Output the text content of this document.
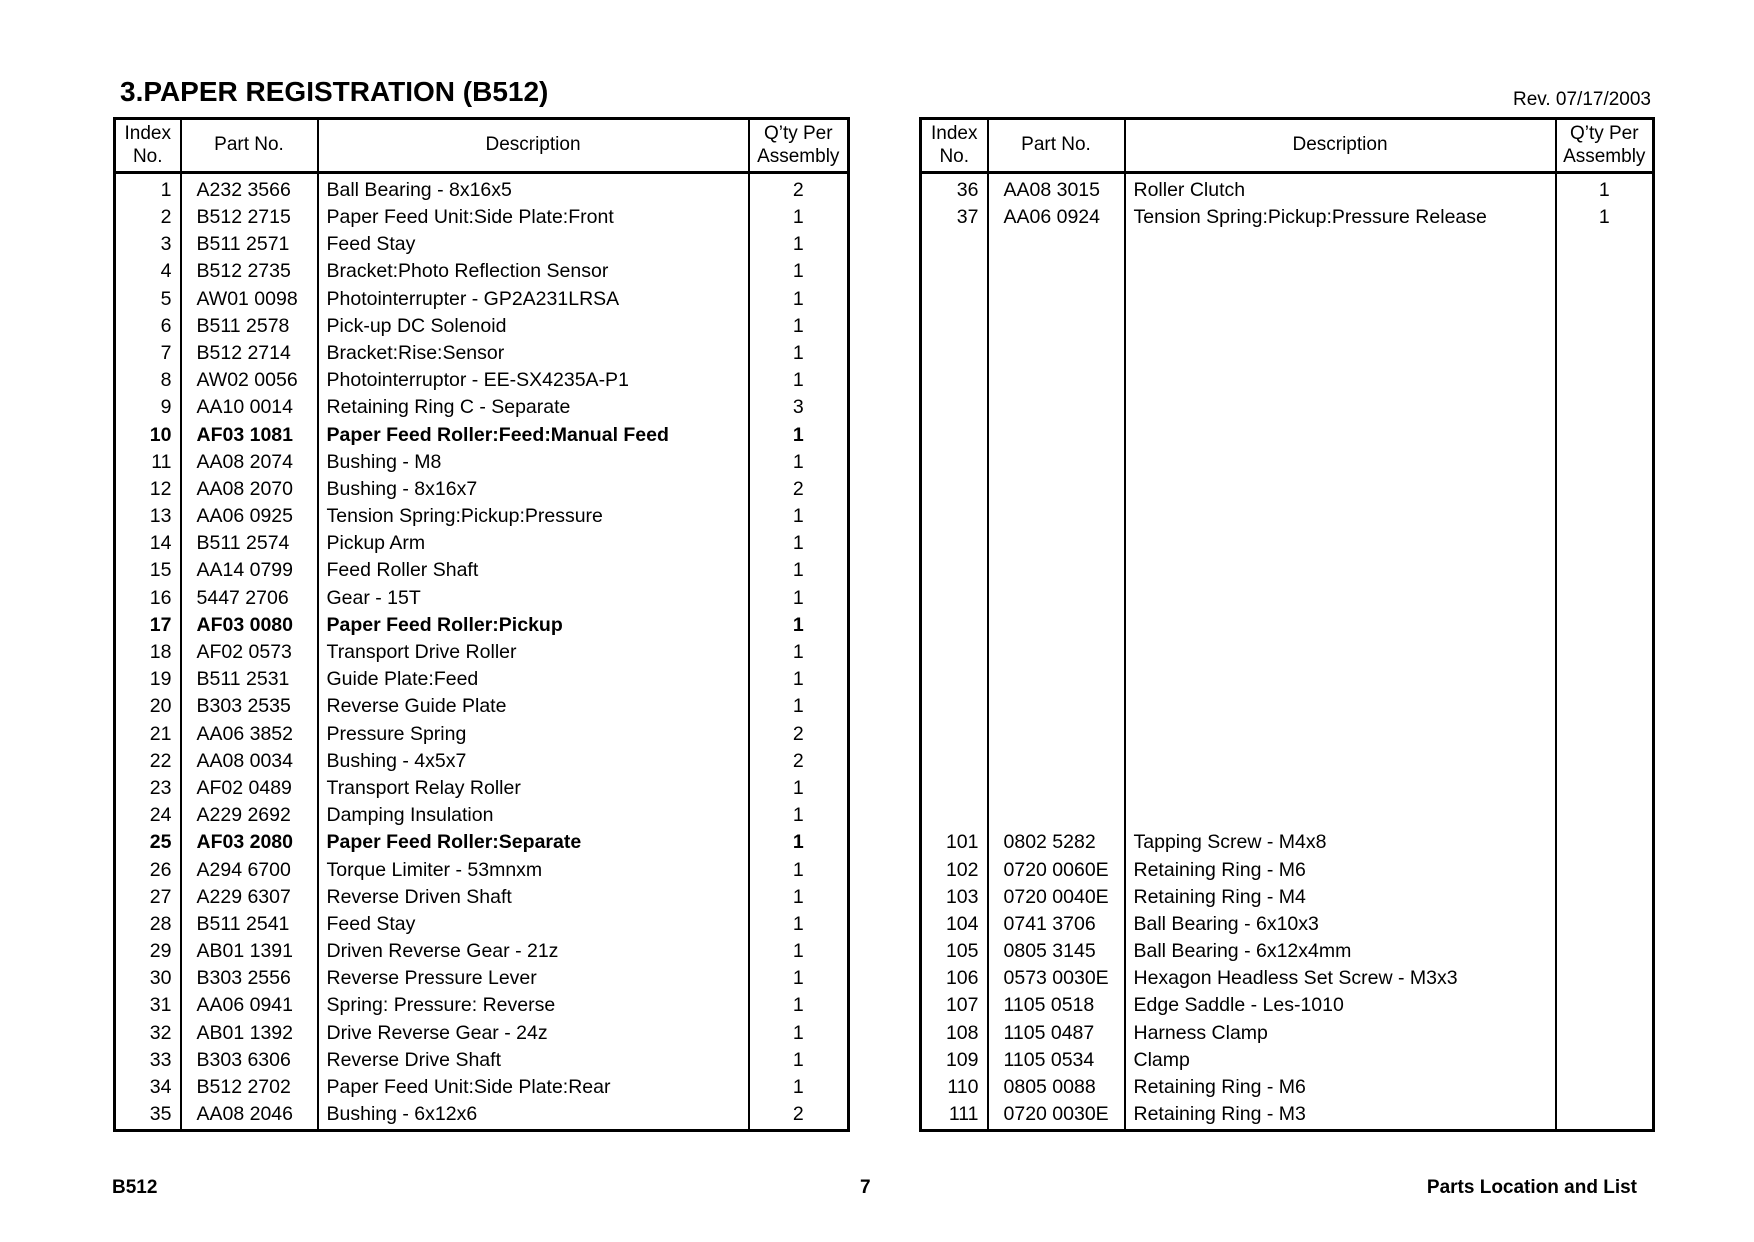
3.PAPER REGISTRATION (B512)	Rev. 07/17/2003
Index
No.	Part No.	Description	Q’ty Per
Assembly
1	A232 3566	Ball Bearing - 8x16x5	2
2	B512 2715	Paper Feed Unit:Side Plate:Front	1
3	B511 2571	Feed Stay	1
4	B512 2735	Bracket:Photo Reflection Sensor	1
5	AW01 0098	Photointerrupter - GP2A231LRSA	1
6	B511 2578	Pick-up DC Solenoid	1
7	B512 2714	Bracket:Rise:Sensor	1
8	AW02 0056	Photointerruptor - EE-SX4235A-P1	1
9	AA10 0014	Retaining Ring C - Separate	3
10	AF03 1081	Paper Feed Roller:Feed:Manual Feed	1
11	AA08 2074	Bushing - M8	1
12	AA08 2070	Bushing - 8x16x7	2
13	AA06 0925	Tension Spring:Pickup:Pressure	1
14	B511 2574	Pickup Arm	1
15	AA14 0799	Feed Roller Shaft	1
16	5447 2706	Gear - 15T	1
17	AF03 0080	Paper Feed Roller:Pickup	1
18	AF02 0573	Transport Drive Roller	1
19	B511 2531	Guide Plate:Feed	1
20	B303 2535	Reverse Guide Plate	1
21	AA06 3852	Pressure Spring	2
22	AA08 0034	Bushing - 4x5x7	2
23	AF02 0489	Transport Relay Roller	1
24	A229 2692	Damping Insulation	1
25	AF03 2080	Paper Feed Roller:Separate	1
26	A294 6700	Torque Limiter - 53mnxm	1
27	A229 6307	Reverse Driven Shaft	1
28	B511 2541	Feed Stay	1
29	AB01 1391	Driven Reverse Gear - 21z	1
30	B303 2556	Reverse Pressure Lever	1
31	AA06 0941	Spring: Pressure: Reverse	1
32	AB01 1392	Drive Reverse Gear - 24z	1
33	B303 6306	Reverse Drive Shaft	1
34	B512 2702	Paper Feed Unit:Side Plate:Rear	1
35	AA08 2046	Bushing - 6x12x6	2
Index
No.	Part No.	Description	Q’ty Per
Assembly
36	AA08 3015	Roller Clutch	1
37	AA06 0924	Tension Spring:Pickup:Pressure Release	1

101	0802 5282	Tapping Screw - M4x8	
102	0720 0060E	Retaining Ring - M6	
103	0720 0040E	Retaining Ring - M4	
104	0741 3706	Ball Bearing - 6x10x3	
105	0805 3145	Ball Bearing - 6x12x4mm	
106	0573 0030E	Hexagon Headless Set Screw - M3x3	
107	1105 0518	Edge Saddle - Les-1010	
108	1105 0487	Harness Clamp	
109	1105 0534	Clamp	
110	0805 0088	Retaining Ring - M6	
111	0720 0030E	Retaining Ring - M3	
B512	7	Parts Location and List
